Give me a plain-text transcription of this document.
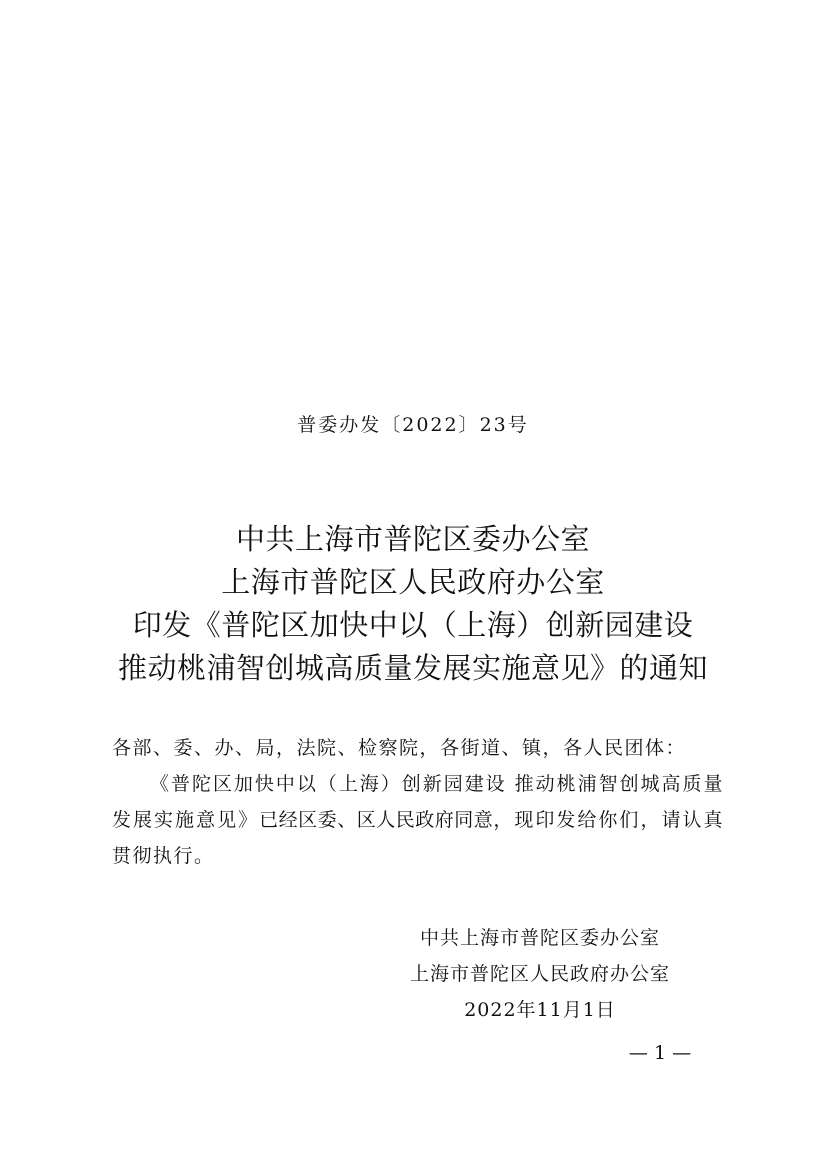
普委办发〔2022〕23号
中共上海市普陀区委办公室
上海市普陀区人民政府办公室
印发《普陀区加快中以（上海）创新园建设
推动桃浦智创城高质量发展实施意见》的通知
各部、委、办、局，法院、检察院，各街道、镇，各人民团体：
《普陀区加快中以（上海）创新园建设 推动桃浦智创城高质量发展实施意见》已经区委、区人民政府同意，现印发给你们，请认真贯彻执行。
中共上海市普陀区委办公室
上海市普陀区人民政府办公室
2022年11月1日
— 1 —
